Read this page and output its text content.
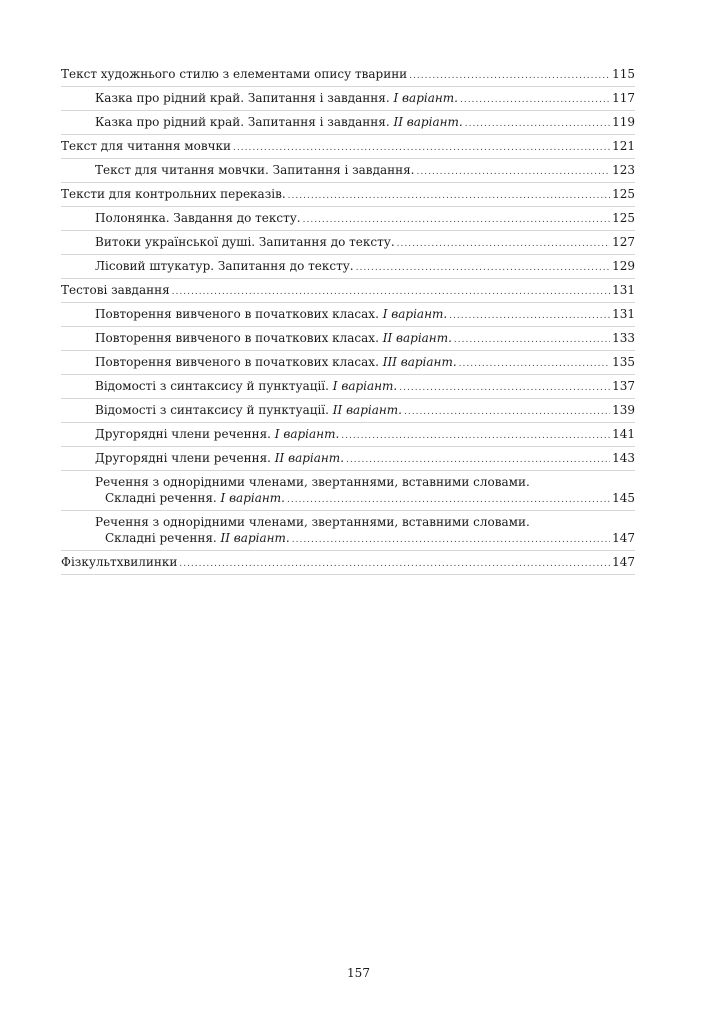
Текст художнього стилю з елементами опису тварини .....	115
Казка про рідний край. Запитання і завдання. I варіант. .....	117
Казка про рідний край. Запитання і завдання. II варіант. .....	119
Текст для читання мовчки .....	121
Текст для читання мовчки. Запитання і завдання. .....	123
Тексти для контрольних переказів. .....	125
Полонянка. Завдання до тексту. .....	125
Витоки української душі. Запитання до тексту. .....	127
Лісовий штукатур. Запитання до тексту. .....	129
Тестові завдання .....	131
Повторення вивченого в початкових класах. I варіант. .....	131
Повторення вивченого в початкових класах. II варіант. .....	133
Повторення вивченого в початкових класах. III варіант. .....	135
Відомості з синтаксису й пунктуації. I варіант. .....	137
Відомості з синтаксису й пунктуації. II варіант. .....	139
Другорядні члени речення. I варіант. .....	141
Другорядні члени речення. II варіант. .....	143
Речення з однорідними членами, звертаннями, вставними словами.
Складні речення. I варіант. .....	145
Речення з однорідними членами, звертаннями, вставними словами.
Складні речення. II варіант. .....	147
Фізкультхвилинки .....	147
157
